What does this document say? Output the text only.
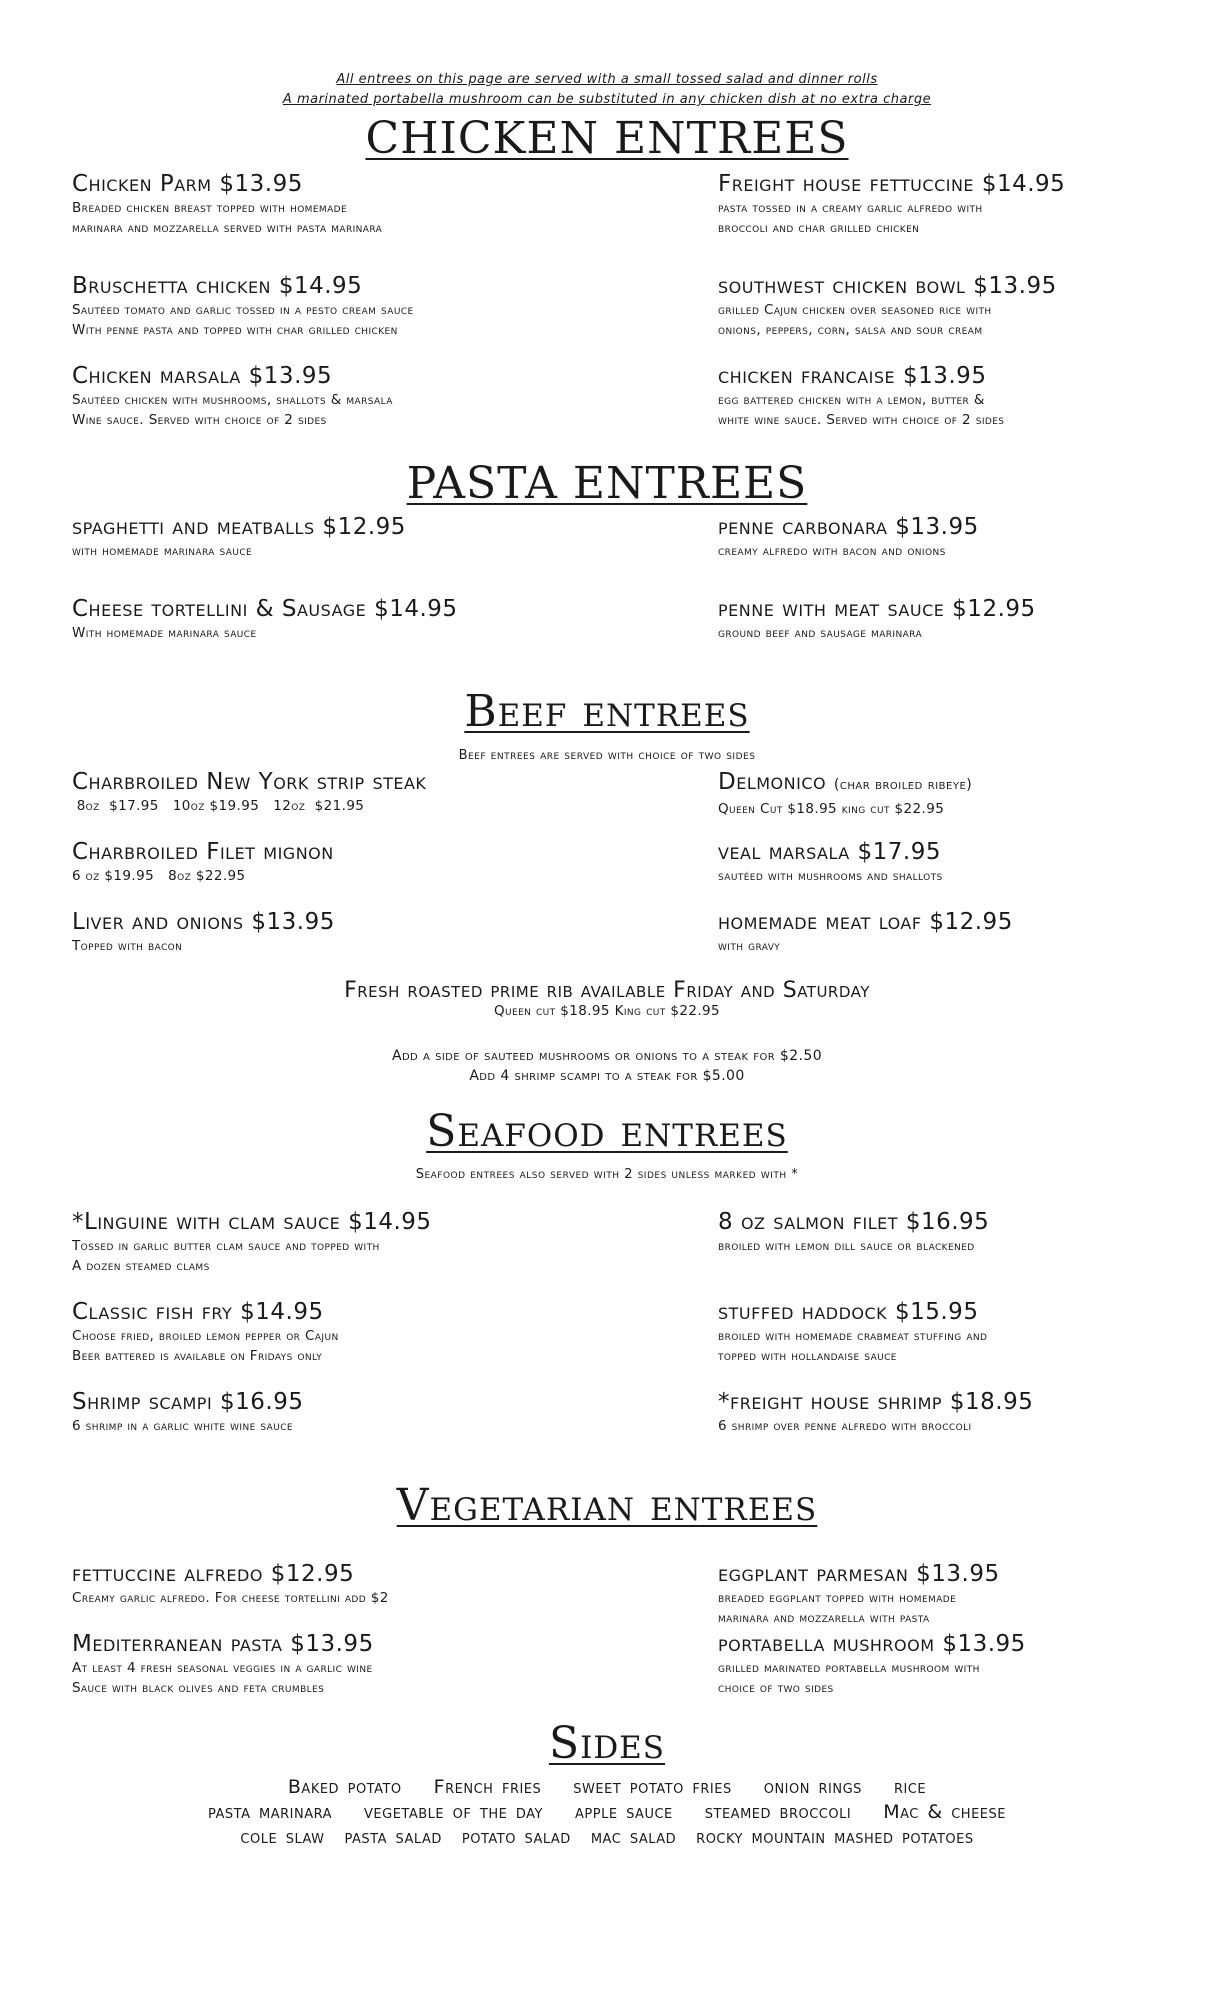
All entrees on this page are served with a small tossed salad and dinner rolls
A marinated portabella mushroom can be substituted in any chicken dish at no extra charge
CHICKEN ENTREES
Chicken Parm $13.95
Breaded chicken breast topped with homemade
marinara and mozzarella served with pasta marinara
Freight house fettuccine $14.95
pasta tossed in a creamy garlic alfredo with
broccoli and char grilled chicken
Bruschetta chicken $14.95
Sautéed tomato and garlic tossed in a pesto cream sauce
With penne pasta and topped with char grilled chicken
southwest chicken bowl $13.95
grilled Cajun chicken over seasoned rice with
onions, peppers, corn, salsa and sour cream
Chicken marsala $13.95
Sautéed chicken with mushrooms, shallots & marsala
Wine sauce. Served with choice of 2 sides
chicken francaise $13.95
egg battered chicken with a lemon, butter &
white wine sauce. Served with choice of 2 sides
PASTA ENTREES
spaghetti and meatballs $12.95
with homemade marinara sauce
penne carbonara $13.95
creamy alfredo with bacon and onions
Cheese tortellini & Sausage $14.95
With homemade marinara sauce
penne with meat sauce $12.95
ground beef and sausage marinara
Beef entrees
Beef entrees are served with choice of two sides
Charbroiled New York strip steak
8oz  $17.95   10oz $19.95   12oz  $21.95
Delmonico (char broiled ribeye)
Queen Cut $18.95 king cut $22.95
Charbroiled Filet mignon
6 oz $19.95   8oz $22.95
veal marsala $17.95
sautéed with mushrooms and shallots
Liver and onions $13.95
Topped with bacon
homemade meat loaf $12.95
with gravy
Fresh roasted prime rib available Friday and Saturday
Queen cut $18.95 King cut $22.95
Add a side of sauteed mushrooms or onions to a steak for $2.50
Add 4 shrimp scampi to a steak for $5.00
Seafood entrees
Seafood entrees also served with 2 sides unless marked with *
*Linguine with clam sauce $14.95
Tossed in garlic butter clam sauce and topped with
A dozen steamed clams
8 oz salmon filet $16.95
broiled with lemon dill sauce or blackened
Classic fish fry $14.95
Choose fried, broiled lemon pepper or Cajun
Beer battered is available on Fridays only
stuffed haddock $15.95
broiled with homemade crabmeat stuffing and
topped with hollandaise sauce
Shrimp scampi $16.95
6 shrimp in a garlic white wine sauce
*freight house shrimp $18.95
6 shrimp over penne alfredo with broccoli
Vegetarian entrees
fettuccine alfredo $12.95
Creamy garlic alfredo. For cheese tortellini add $2
eggplant parmesan $13.95
breaded eggplant topped with homemade
marinara and mozzarella with pasta
Mediterranean pasta $13.95
At least 4 fresh seasonal veggies in a garlic wine
Sauce with black olives and feta crumbles
portabella mushroom $13.95
grilled marinated portabella mushroom with
choice of two sides
Sides
Baked potato French fries sweet potato fries onion rings rice
pasta marinara vegetable of the day apple sauce steamed broccoli Mac & cheese
cole slaw pasta salad potato salad mac salad rocky mountain mashed potatoes
